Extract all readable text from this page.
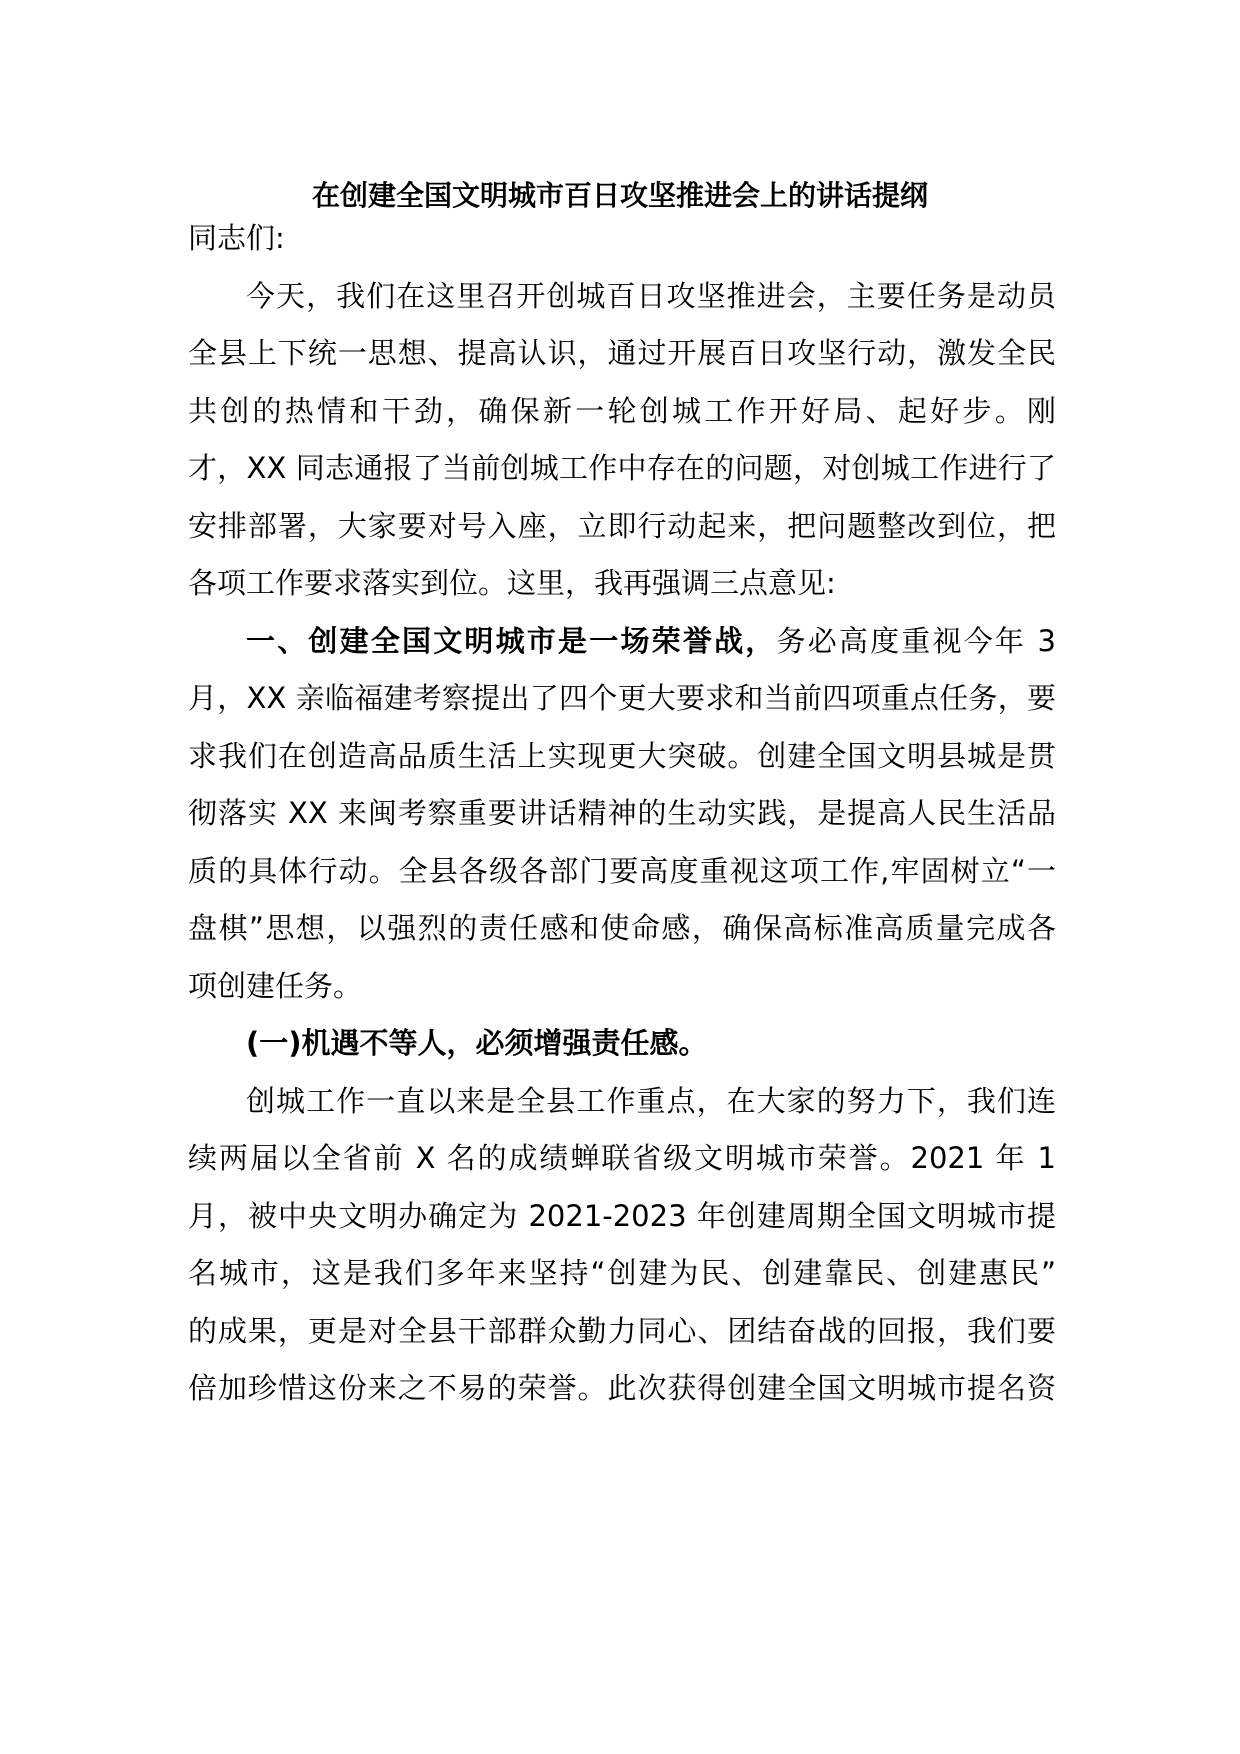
在创建全国文明城市百日攻坚推进会上的讲话提纲
同志们:
今天，我们在这里召开创城百日攻坚推进会，主要任务是动员
全县上下统一思想、提高认识，通过开展百日攻坚行动，激发全民
共创的热情和干劲，确保新一轮创城工作开好局、起好步。刚
才，XX 同志通报了当前创城工作中存在的问题，对创城工作进行了
安排部署，大家要对号入座，立即行动起来，把问题整改到位，把
各项工作要求落实到位。这里，我再强调三点意见:
一、创建全国文明城市是一场荣誉战，务必高度重视今年 3
月，XX 亲临福建考察提出了四个更大要求和当前四项重点任务，要
求我们在创造高品质生活上实现更大突破。创建全国文明县城是贯
彻落实 XX 来闽考察重要讲话精神的生动实践，是提高人民生活品
质的具体行动。全县各级各部门要高度重视这项工作,牢固树立“一
盘棋”思想，以强烈的责任感和使命感，确保高标准高质量完成各
项创建任务。
(一)机遇不等人，必须增强责任感。
创城工作一直以来是全县工作重点，在大家的努力下，我们连
续两届以全省前 X 名的成绩蝉联省级文明城市荣誉。2021 年 1
月，被中央文明办确定为 2021-2023 年创建周期全国文明城市提
名城市，这是我们多年来坚持“创建为民、创建靠民、创建惠民”
的成果，更是对全县干部群众勤力同心、团结奋战的回报，我们要
倍加珍惜这份来之不易的荣誉。此次获得创建全国文明城市提名资
